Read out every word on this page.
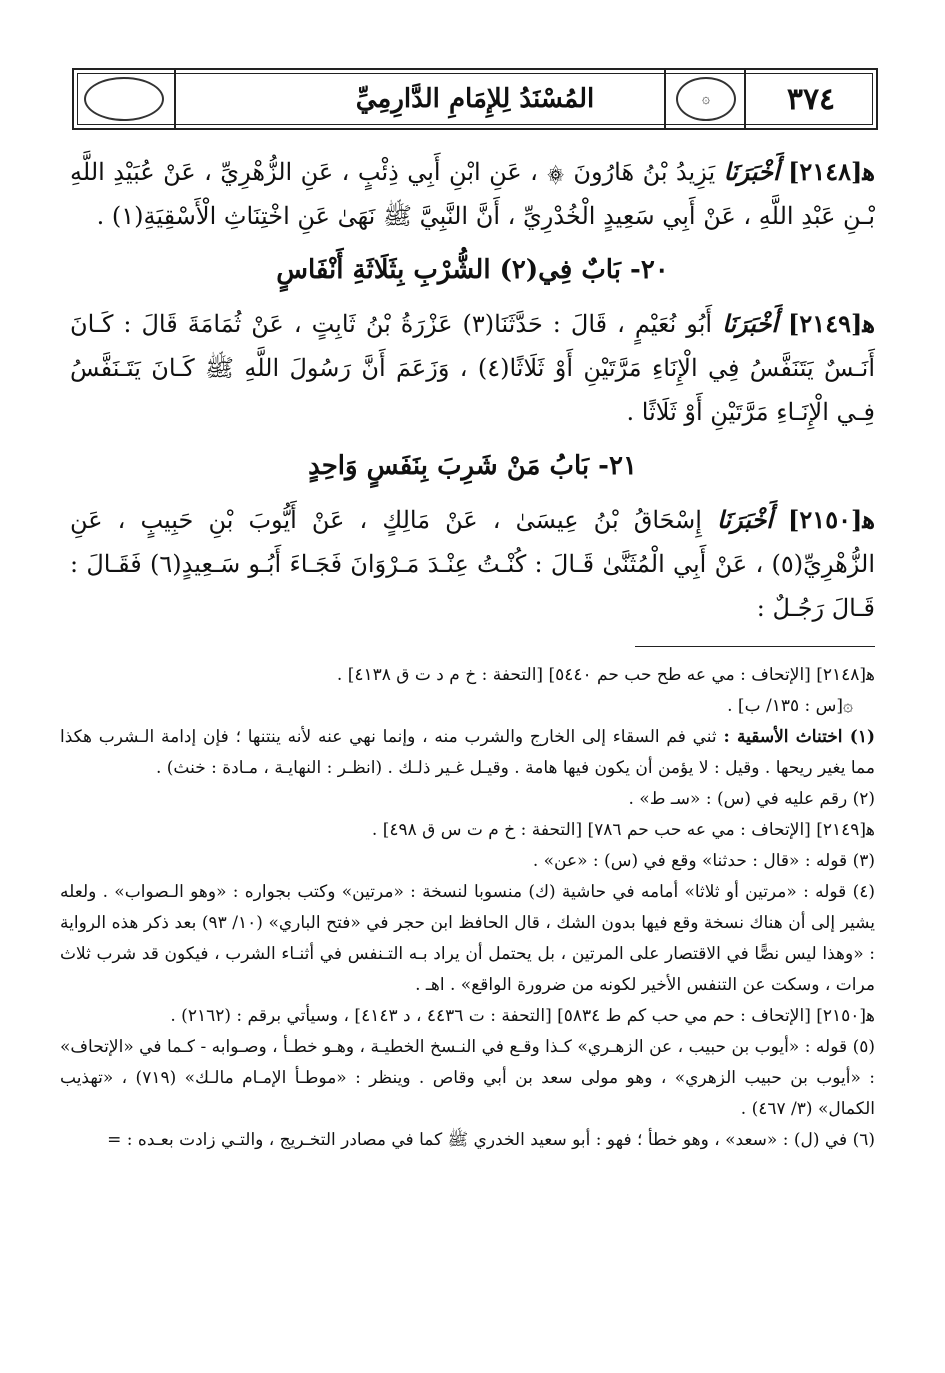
٣٧٤
۞
المُسْنَدُ لِلإِمَامِ الدَّارِمِيِّ

ﻫ[٢١٤٨] أَخْبَرَنَا يَزِيدُ بْنُ هَارُونَ ۞ ، عَنِ ابْنِ أَبِي ذِئْبٍ ، عَنِ الزُّهْرِيِّ ، عَنْ عُبَيْدِ اللَّهِ بْـنِ عَبْدِ اللَّهِ ، عَنْ أَبِي سَعِيدٍ الْخُدْرِيِّ ، أَنَّ النَّبِيَّ ﷺ نَهَىٰ عَنِ اخْتِنَاثِ الْأَسْقِيَةِ(١) .

٢٠- بَابٌ فِي(٢) الشُّرْبِ بِثَلَاثَةِ أَنْفَاسٍ

ﻫ[٢١٤٩] أَخْبَرَنَا أَبُو نُعَيْمٍ ، قَالَ : حَدَّثَنَا(٣) عَزْرَةُ بْنُ ثَابِتٍ ، عَنْ ثُمَامَةَ قَالَ : كَـانَ أَنَـسٌ يَتَنَفَّسُ فِي الْإِنَاءِ مَرَّتَيْنِ أَوْ ثَلَاثًا(٤) ، وَزَعَمَ أَنَّ رَسُولَ اللَّهِ ﷺ كَـانَ يَتَـنَفَّسُ فِـي الْإِنَـاءِ مَرَّتَيْنِ أَوْ ثَلَاثًا .

٢١- بَابُ مَنْ شَرِبَ بِنَفَسٍ وَاحِدٍ

ﻫ[٢١٥٠] أَخْبَرَنَا إِسْحَاقُ بْنُ عِيسَىٰ ، عَنْ مَالِكٍ ، عَنْ أَيُّوبَ بْنِ حَبِيبٍ ، عَنِ الزُّهْرِيِّ(٥) ، عَنْ أَبِي الْمُثَنَّىٰ قَـالَ : كُنْـتُ عِنْـدَ مَـرْوَانَ فَجَـاءَ أَبُـو سَـعِيدٍ(٦) فَقَـالَ : قَـالَ رَجُـلٌ :

ﻫ[٢١٤٨] [الإتحاف : مي عه طح حب حم ٥٤٤٠] [التحفة : خ م د ت ق ٤١٣٨] .

۞[س : ١٣٥/ ب] .

(١) اختناث الأسقية : ثني فم السقاء إلى الخارج والشرب منه ، وإنما نهي عنه لأنه ينتنها ؛ فإن إدامة الـشرب هكذا مما يغير ريحها . وقيل : لا يؤمن أن يكون فيها هامة . وقيـل غـير ذلـك . (انظـر : النهايـة ، مـادة : خنث) .

(٢) رقم عليه في (س) : «سـ ط» .

ﻫ[٢١٤٩] [الإتحاف : مي عه حب حم ٧٨٦] [التحفة : خ م ت س ق ٤٩٨] .

(٣) قوله : «قال : حدثنا» وقع في (س) : «عن» .

(٤) قوله : «مرتين أو ثلاثا» أمامه في حاشية (ك) منسوبا لنسخة : «مرتين» وكتب بجواره : «وهو الـصواب» . ولعله يشير إلى أن هناك نسخة وقع فيها بدون الشك ، قال الحافظ ابن حجر في «فتح الباري» (١٠/ ٩٣) بعد ذكر هذه الرواية : «وهذا ليس نصًّا في الاقتصار على المرتين ، بل يحتمل أن يراد بـه التـنفس في أثنـاء الشرب ، فيكون قد شرب ثلاث مرات ، وسكت عن التنفس الأخير لكونه من ضرورة الواقع» . اهـ .

ﻫ[٢١٥٠] [الإتحاف : حم مي حب كم ط ٥٨٣٤] [التحفة : ت ٤٤٣٦ ، د ٤١٤٣] ، وسيأتي برقم : (٢١٦٢) .

(٥) قوله : «أيوب بن حبيب ، عن الزهـري» كـذا وقـع في النـسخ الخطيـة ، وهـو خطـأ ، وصـوابه - كـما في «الإتحاف» : «أيوب بن حبيب الزهري» ، وهو مولى سعد بن أبي وقاص . وينظر : «موطـأ الإمـام مالـك» (٧١٩) ، «تهذيب الكمال» (٣/ ٤٦٧) .

(٦) في (ل) : «سعد» ، وهو خطأ ؛ فهو : أبو سعيد الخدري ﷺ كما في مصادر التخـريج ، والتـي زادت بعـده : =
